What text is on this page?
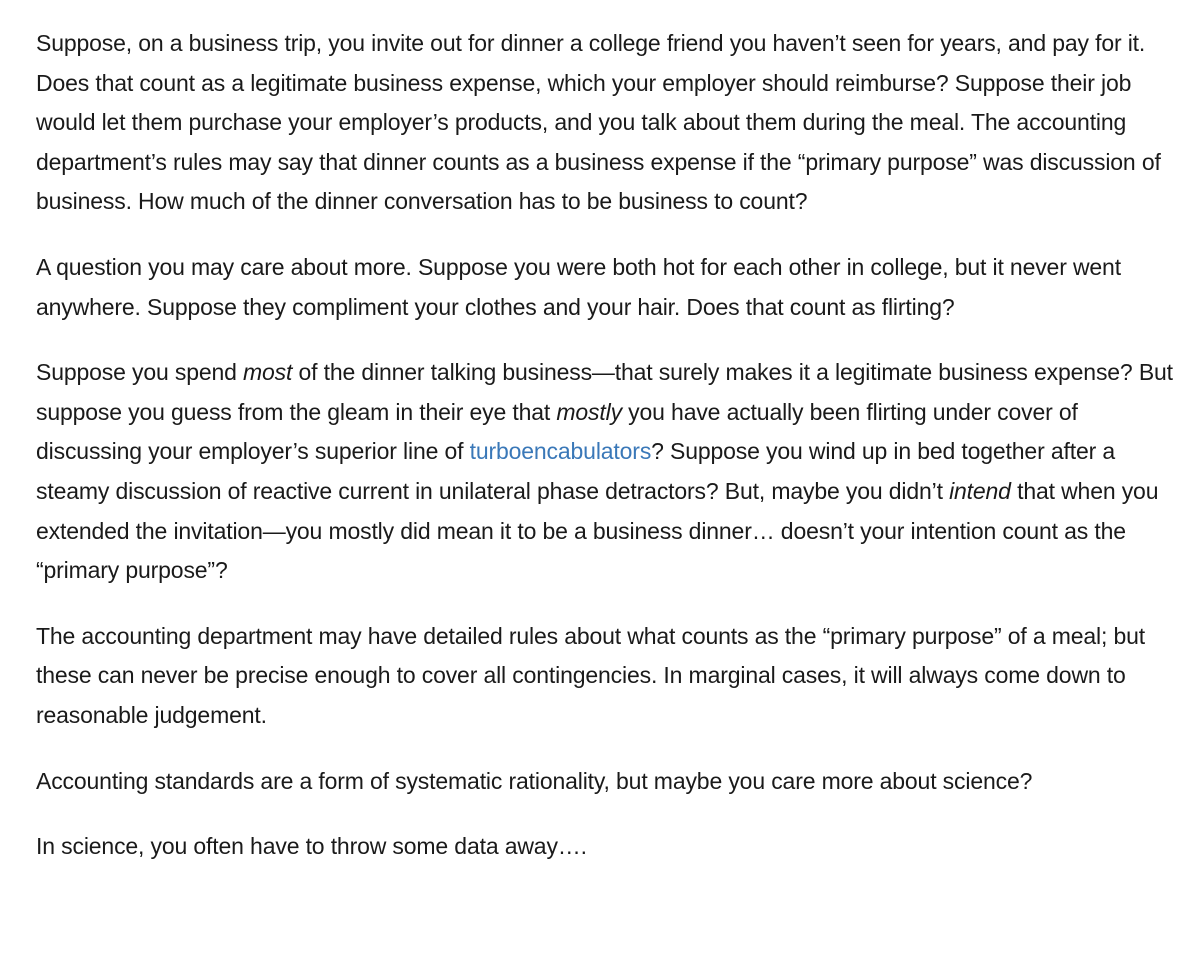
Suppose, on a business trip, you invite out for dinner a college friend you haven’t seen for years, and pay for it. Does that count as a legitimate business expense, which your employer should reimburse? Suppose their job would let them purchase your employer’s products, and you talk about them during the meal. The accounting department’s rules may say that dinner counts as a business expense if the “primary purpose” was discussion of business. How much of the dinner conversation has to be business to count?

A question you may care about more. Suppose you were both hot for each other in college, but it never went anywhere. Suppose they compliment your clothes and your hair. Does that count as flirting?

Suppose you spend most of the dinner talking business—that surely makes it a legitimate business expense? But suppose you guess from the gleam in their eye that mostly you have actually been flirting under cover of discussing your employer’s superior line of turboencabulators? Suppose you wind up in bed together after a steamy discussion of reactive current in unilateral phase detractors? But, maybe you didn’t intend that when you extended the invitation—you mostly did mean it to be a business dinner… doesn’t your intention count as the “primary purpose”?

The accounting department may have detailed rules about what counts as the “primary purpose” of a meal; but these can never be precise enough to cover all contingencies. In marginal cases, it will always come down to reasonable judgement.

Accounting standards are a form of systematic rationality, but maybe you care more about science?

In science, you often have to throw some data away….
